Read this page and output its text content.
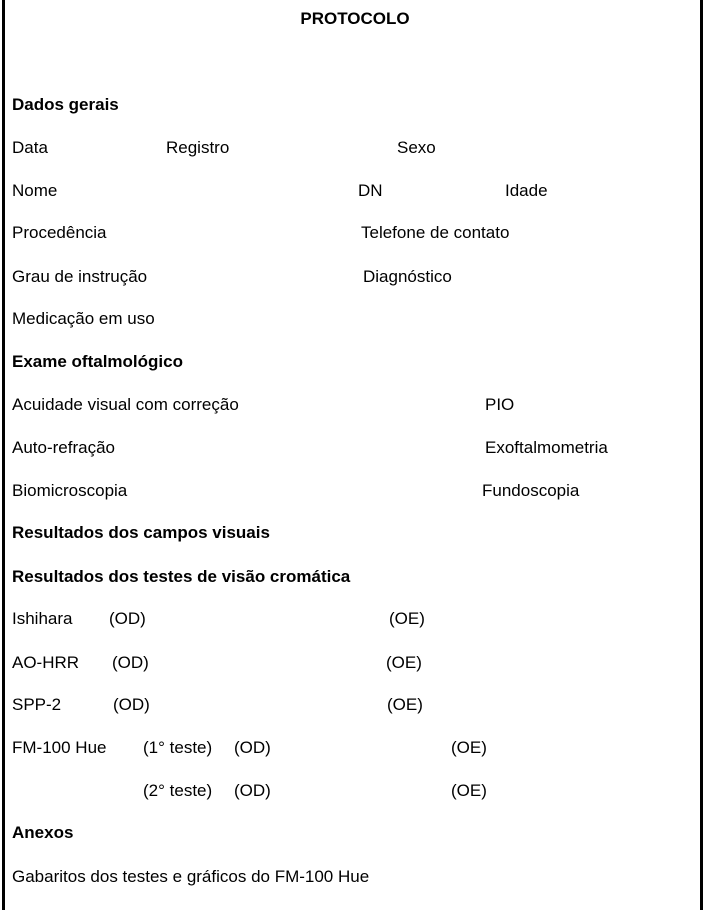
PROTOCOLO
Dados gerais
Data	Registro	Sexo
Nome	DN	Idade
Procedência	Telefone de contato
Grau de instrução	Diagnóstico
Medicação em uso
Exame oftalmológico
Acuidade visual com correção	PIO
Auto-refração	Exoftalmometria
Biomicroscopia	Fundoscopia
Resultados dos campos visuais
Resultados dos testes de visão cromática
Ishihara (OD)	(OE)
AO-HRR (OD)	(OE)
SPP-2	(OD)	(OE)
FM-100 Hue (1° teste) (OD)	(OE)
(2° teste) (OD)	(OE)
Anexos
Gabaritos dos testes e gráficos do FM-100 Hue
